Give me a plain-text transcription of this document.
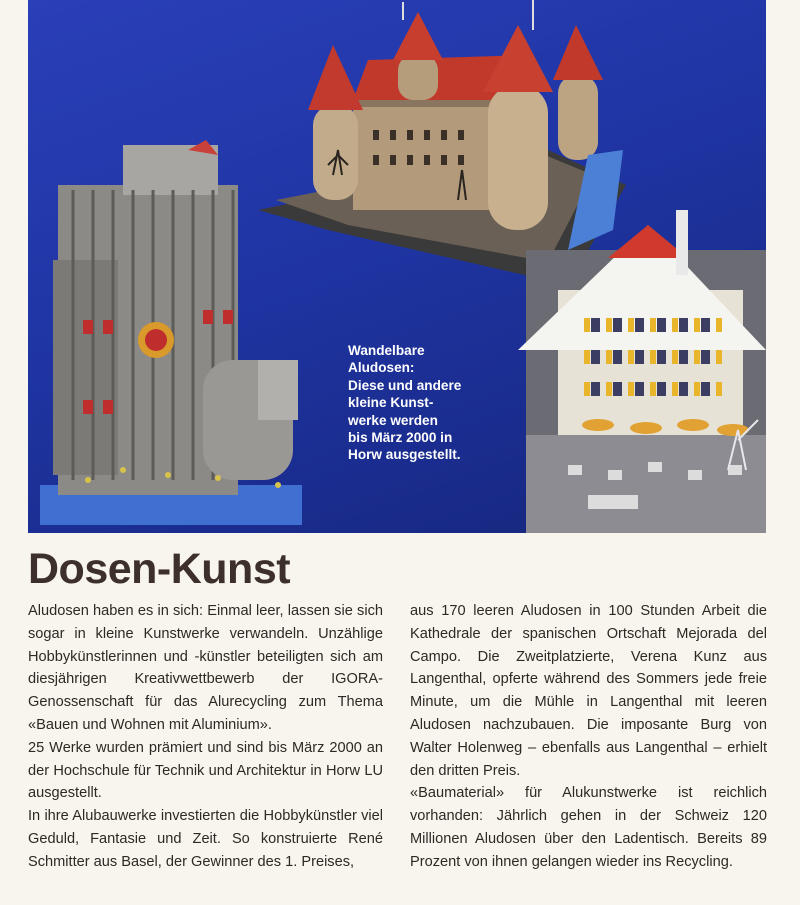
Wandelbare
Aludosen:
Diese und andere
kleine Kunst-
werke werden
bis März 2000 in
Horw ausgestellt.
Dosen-Kunst

Aludosen haben es in sich: Einmal leer, lassen sie sich sogar in kleine Kunstwerke verwandeln. Unzählige Hobbykünstlerinnen und -künstler beteiligten sich am diesjährigen Kreativwettbewerb der IGORA-Genossenschaft für das Alurecycling zum Thema «Bauen und Wohnen mit Aluminium».

25 Werke wurden prämiert und sind bis März 2000 an der Hochschule für Technik und Architektur in Horw LU ausgestellt.

In ihre Alubauwerke investierten die Hobbykünstler viel Geduld, Fantasie und Zeit. So konstruierte René Schmitter aus Basel, der Gewinner des 1. Preises,

aus 170 leeren Aludosen in 100 Stunden Arbeit die Kathedrale der spanischen Ortschaft Mejorada del Campo. Die Zweitplatzierte, Verena Kunz aus Langenthal, opferte während des Sommers jede freie Minute, um die Mühle in Langenthal mit leeren Aludosen nachzubauen. Die imposante Burg von Walter Holenweg – ebenfalls aus Langenthal – erhielt den dritten Preis.

«Baumaterial» für Alukunstwerke ist reichlich vorhanden: Jährlich gehen in der Schweiz 120 Millionen Aludosen über den Ladentisch. Bereits 89 Prozent von ihnen gelangen wieder ins Recycling.
